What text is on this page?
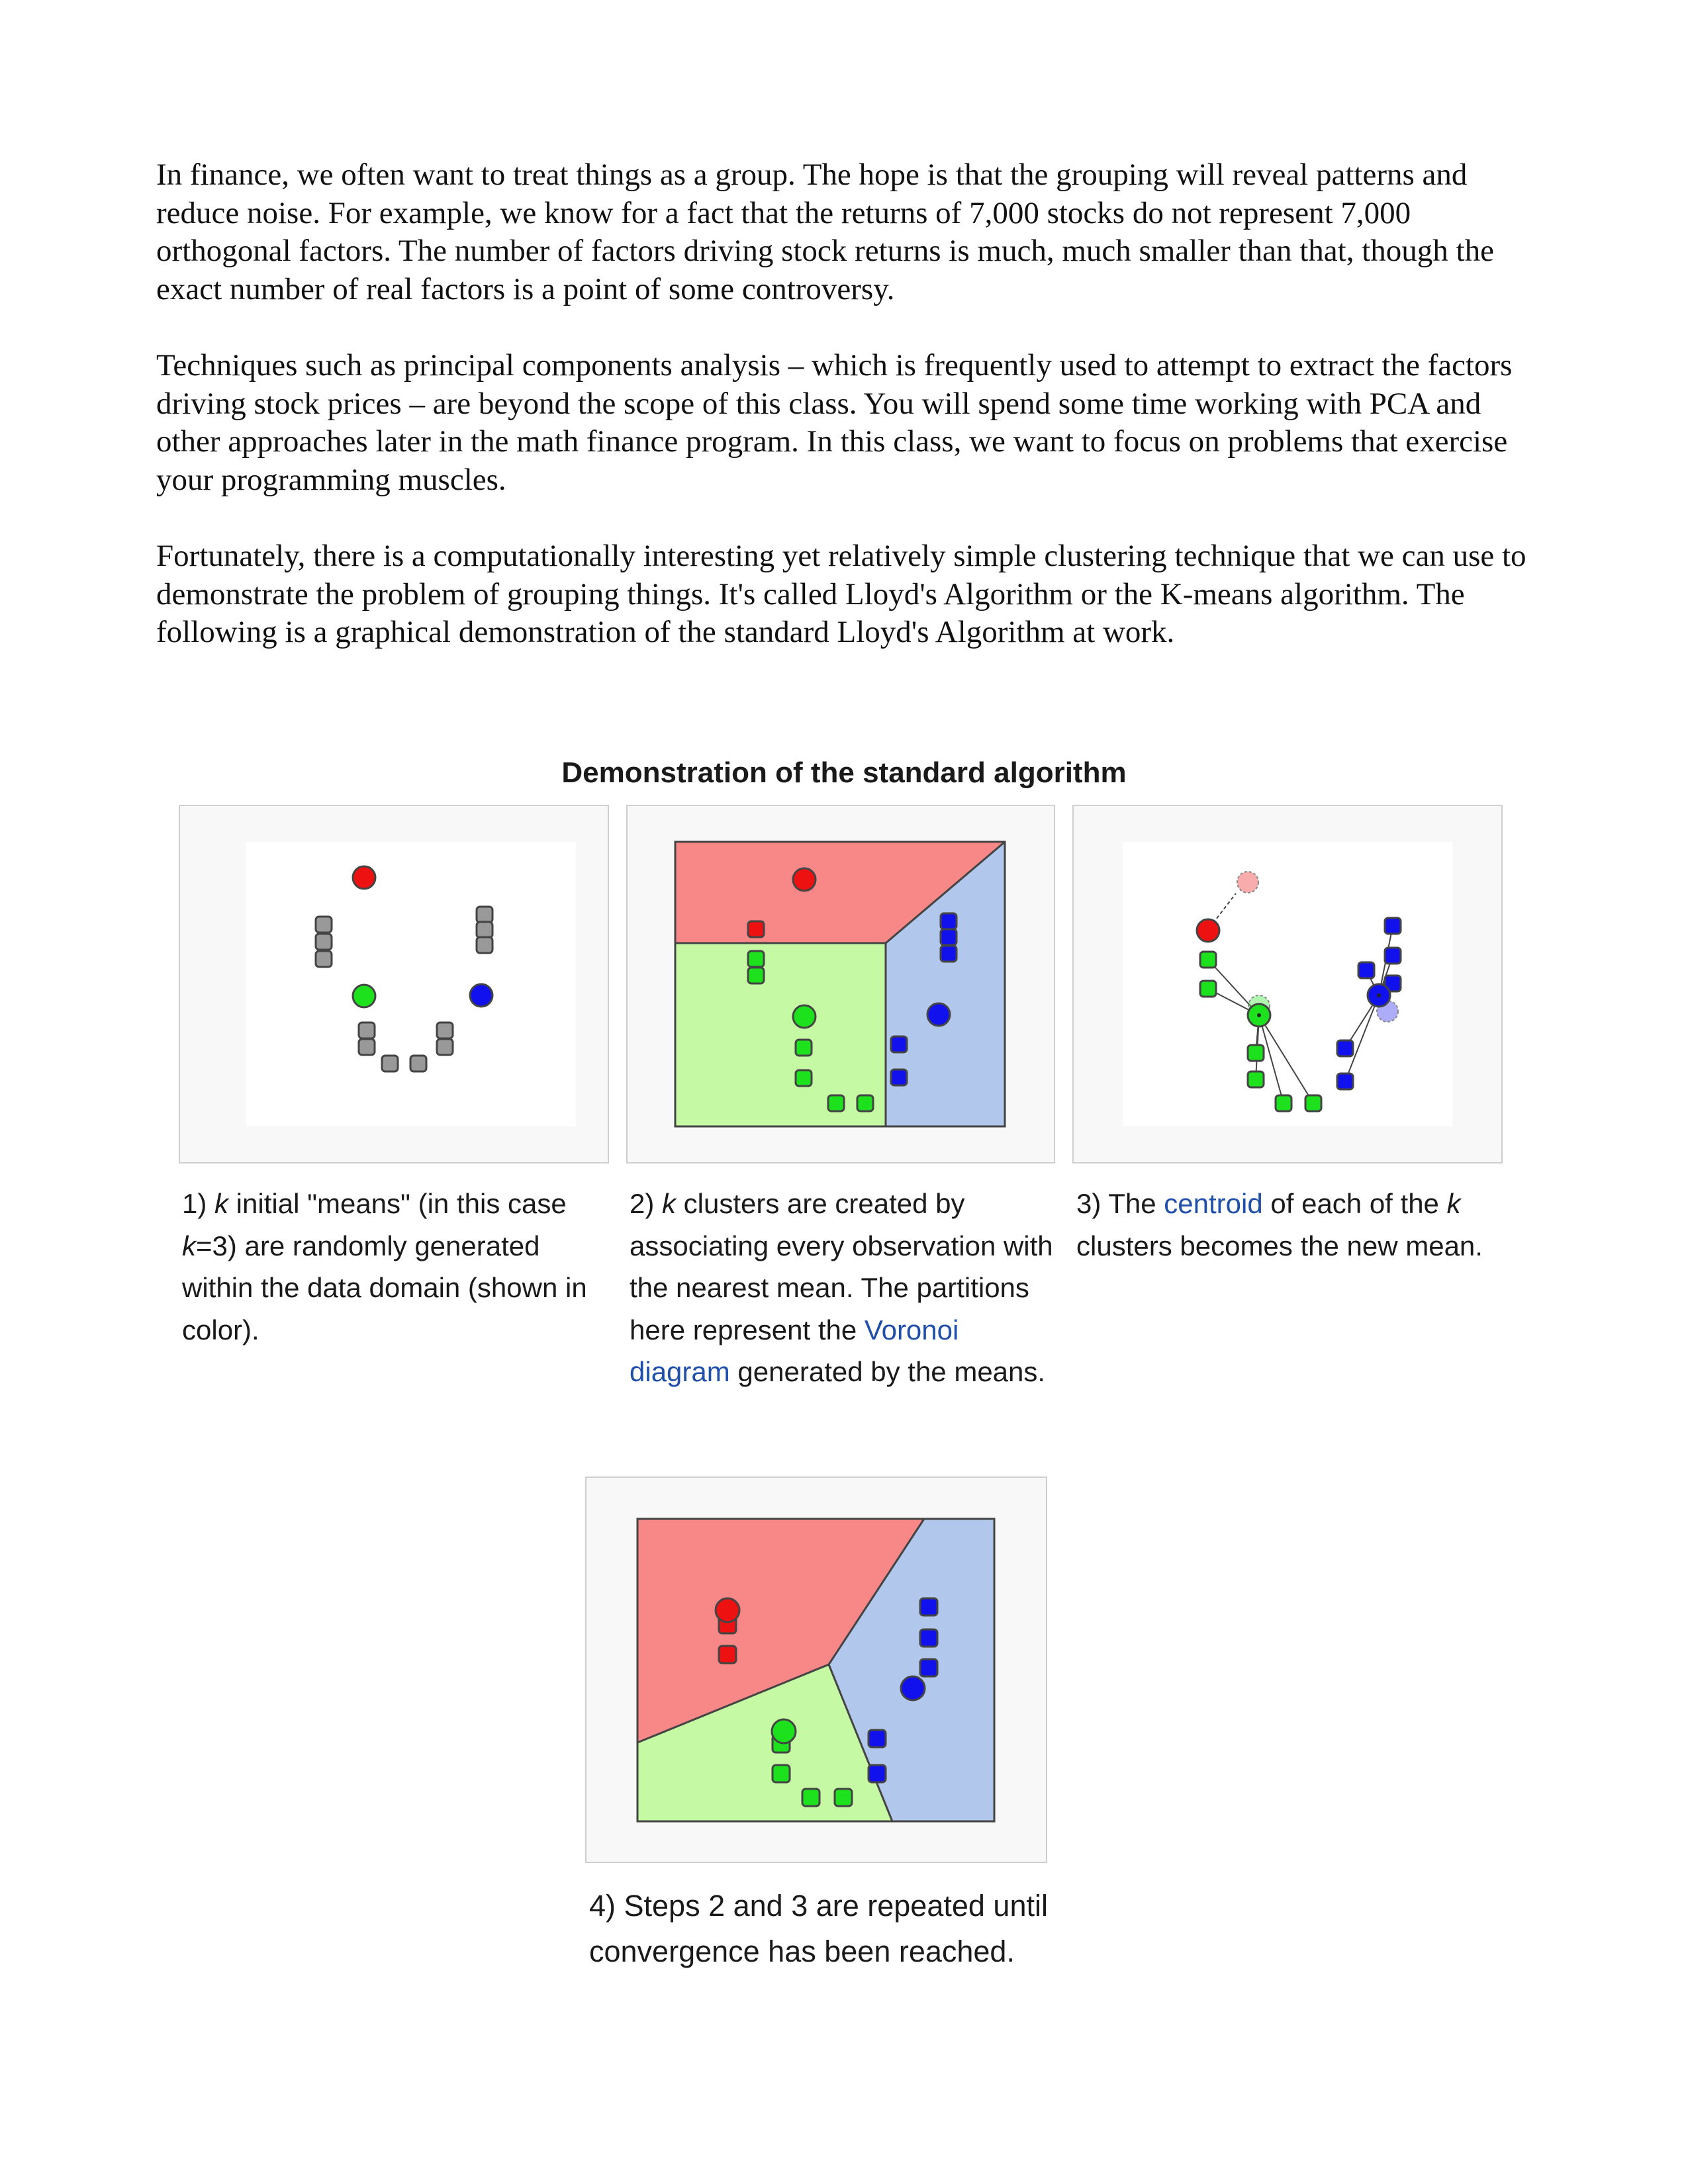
In finance, we often want to treat things as a group. The hope is that the grouping will reveal patterns and reduce noise. For example, we know for a fact that the returns of 7,000 stocks do not represent 7,000 orthogonal factors. The number of factors driving stock returns is much, much smaller than that, though the exact number of real factors is a point of some controversy.

Techniques such as principal components analysis – which is frequently used to attempt to extract the factors driving stock prices – are beyond the scope of this class. You will spend some time working with PCA and other approaches later in the math finance program. In this class, we want to focus on problems that exercise your programming muscles.

Fortunately, there is a computationally interesting yet relatively simple clustering technique that we can use to demonstrate the problem of grouping things. It's called Lloyd's Algorithm or the K-means algorithm. The following is a graphical demonstration of the standard Lloyd's Algorithm at work.

Demonstration of the standard algorithm

1) k initial "means" (in this case k=3) are randomly generated within the data domain (shown in color).

2) k clusters are created by associating every observation with the nearest mean. The partitions here represent the Voronoi diagram generated by the means.

3) The centroid of each of the k clusters becomes the new mean.

4) Steps 2 and 3 are repeated until convergence has been reached.
